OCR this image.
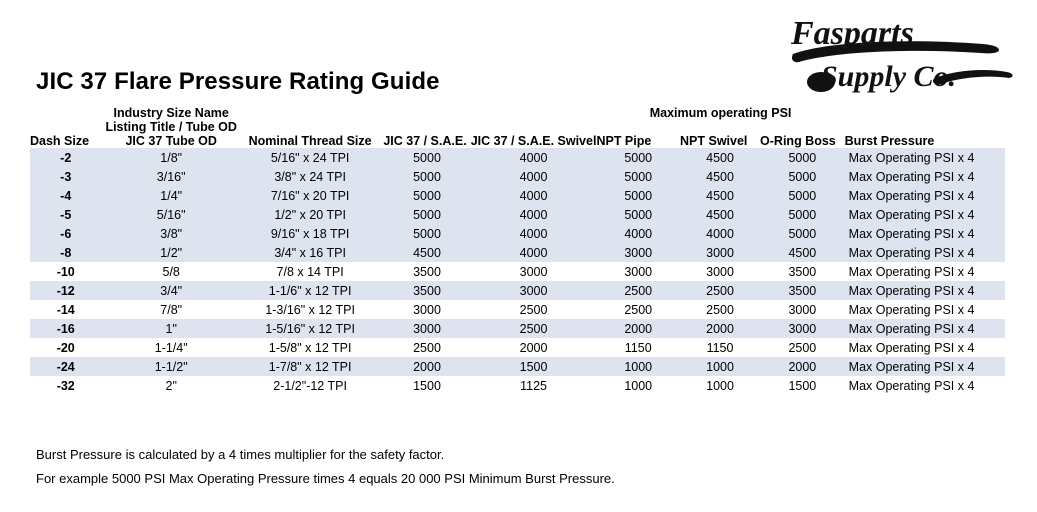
Fasparts
Supply Co.
JIC 37 Flare Pressure Rating Guide
	Industry Size Name				Maximum operating PSI			
	Listing Title / Tube OD							
Dash Size	JIC 37 Tube OD	Nominal Thread Size	JIC 37 / S.A.E.	JIC 37 / S.A.E. Swivel	NPT Pipe	NPT Swivel	O-Ring Boss	Burst Pressure
-2	1/8"	5/16" x 24 TPI	5000	4000	5000	4500	5000	Max Operating PSI x 4
-3	3/16"	3/8" x 24 TPI	5000	4000	5000	4500	5000	Max Operating PSI x 4
-4	1/4"	7/16" x 20 TPI	5000	4000	5000	4500	5000	Max Operating PSI x 4
-5	5/16"	1/2" x 20 TPI	5000	4000	5000	4500	5000	Max Operating PSI x 4
-6	3/8"	9/16" x 18 TPI	5000	4000	4000	4000	5000	Max Operating PSI x 4
-8	1/2"	3/4" x 16 TPI	4500	4000	3000	3000	4500	Max Operating PSI x 4
-10	5/8	7/8 x 14 TPI	3500	3000	3000	3000	3500	Max Operating PSI x 4
-12	3/4"	1-1/6" x 12 TPI	3500	3000	2500	2500	3500	Max Operating PSI x 4
-14	7/8"	1-3/16" x 12 TPI	3000	2500	2500	2500	3000	Max Operating PSI x 4
-16	1"	1-5/16" x 12 TPI	3000	2500	2000	2000	3000	Max Operating PSI x 4
-20	1-1/4"	1-5/8" x 12 TPI	2500	2000	1150	1150	2500	Max Operating PSI x 4
-24	1-1/2"	1-7/8" x 12 TPI	2000	1500	1000	1000	2000	Max Operating PSI x 4
-32	2"	2-1/2"-12 TPI	1500	1125	1000	1000	1500	Max Operating PSI x 4
Burst Pressure is calculated by a 4 times multiplier for the safety factor.
For example 5000 PSI Max Operating Pressure times 4 equals 20 000 PSI Minimum Burst Pressure.
